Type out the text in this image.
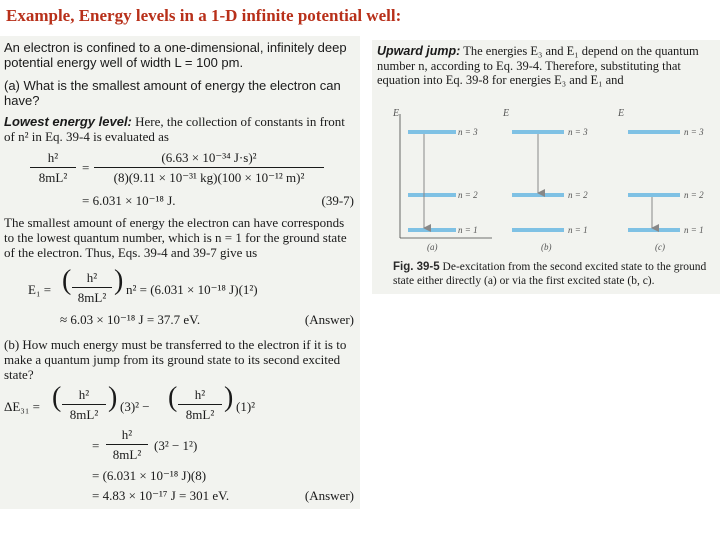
Example, Energy levels in a 1-D infinite potential well:
An electron is confined to a one-dimensional, infinitely deep potential energy well of width L = 100 pm.
(a) What is the smallest amount of energy the electron can have?
Lowest energy level: Here, the collection of constants in front of n² in Eq. 39-4 is evaluated as
h²
8mL²
=
(6.63 × 10⁻³⁴ J·s)²
(8)(9.11 × 10⁻³¹ kg)(100 × 10⁻¹² m)²
= 6.031 × 10⁻¹⁸ J.	(39-7)
The smallest amount of energy the electron can have corresponds to the lowest quantum number, which is n = 1 for the ground state of the electron. Thus, Eqs. 39-4 and 39-7 give us
E₁ = (	h²
8mL²
) n² = (6.031 × 10⁻¹⁸ J)(1²)
≈ 6.03 × 10⁻¹⁸ J = 37.7 eV.	(Answer)
(b) How much energy must be transferred to the electron if it is to make a quantum jump from its ground state to its second excited state?
ΔE₃₁ = (	h²
8mL²
) (3)² − (	h²
8mL²
) (1)²
=
h²
8mL²
(3² − 1²)
= (6.031 × 10⁻¹⁸ J)(8)
= 4.83 × 10⁻¹⁷ J = 301 eV.	(Answer)
Upward jump: The energies E₃ and E₁ depend on the quantum number n, according to Eq. 39-4. Therefore, substituting that equation into Eq. 39-8 for energies E₃ and E₁ and
E
n = 3
n = 2
n = 1
(a)
E
n = 3
n = 2
n = 1
(b)
E
n = 3
n = 2
n = 1
(c)
Fig. 39-5 De-excitation from the second excited state to the ground state either directly (a) or via the first excited state (b, c).
